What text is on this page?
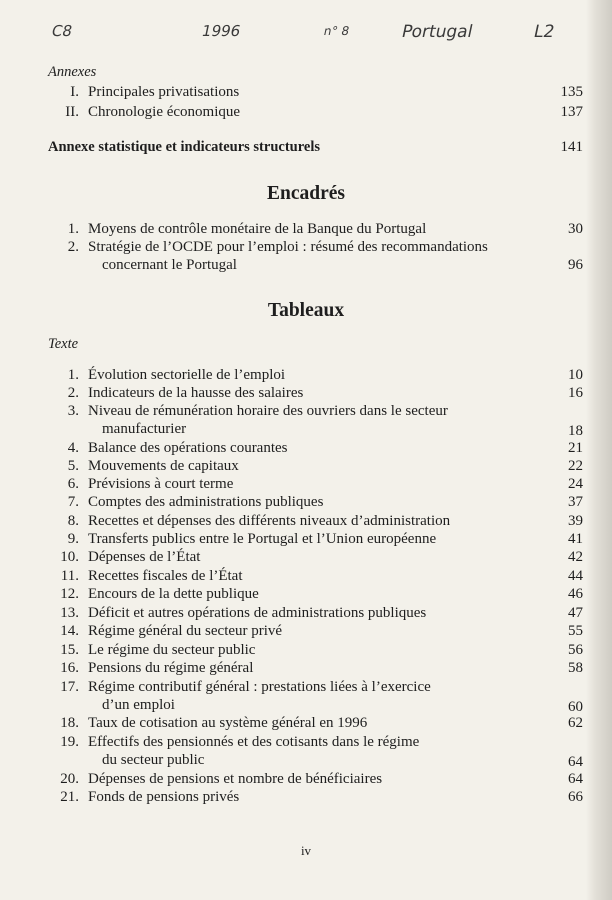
C8	1996	n° 8	Portugal	L2
Annexes
I. Principales privatisations	135
II. Chronologie économique	137
Annexe statistique et indicateurs structurels	141
Encadrés
1. Moyens de contrôle monétaire de la Banque du Portugal	30
2. Stratégie de l’OCDE pour l’emploi : résumé des recommandations
concernant le Portugal	96
Tableaux
Texte
1. Évolution sectorielle de l’emploi	10
2. Indicateurs de la hausse des salaires	16
3. Niveau de rémunération horaire des ouvriers dans le secteur
manufacturier	18
4. Balance des opérations courantes	21
5. Mouvements de capitaux	22
6. Prévisions à court terme	24
7. Comptes des administrations publiques	37
8. Recettes et dépenses des différents niveaux d’administration	39
9. Transferts publics entre le Portugal et l’Union européenne	41
10. Dépenses de l’État	42
11. Recettes fiscales de l’État	44
12. Encours de la dette publique	46
13. Déficit et autres opérations de administrations publiques	47
14. Régime général du secteur privé	55
15. Le régime du secteur public	56
16. Pensions du régime général	58
17. Régime contributif général : prestations liées à l’exercice
d’un emploi	60
18. Taux de cotisation au système général en 1996	62
19. Effectifs des pensionnés et des cotisants dans le régime
du secteur public	64
20. Dépenses de pensions et nombre de bénéficiaires	64
21. Fonds de pensions privés	66
iv
